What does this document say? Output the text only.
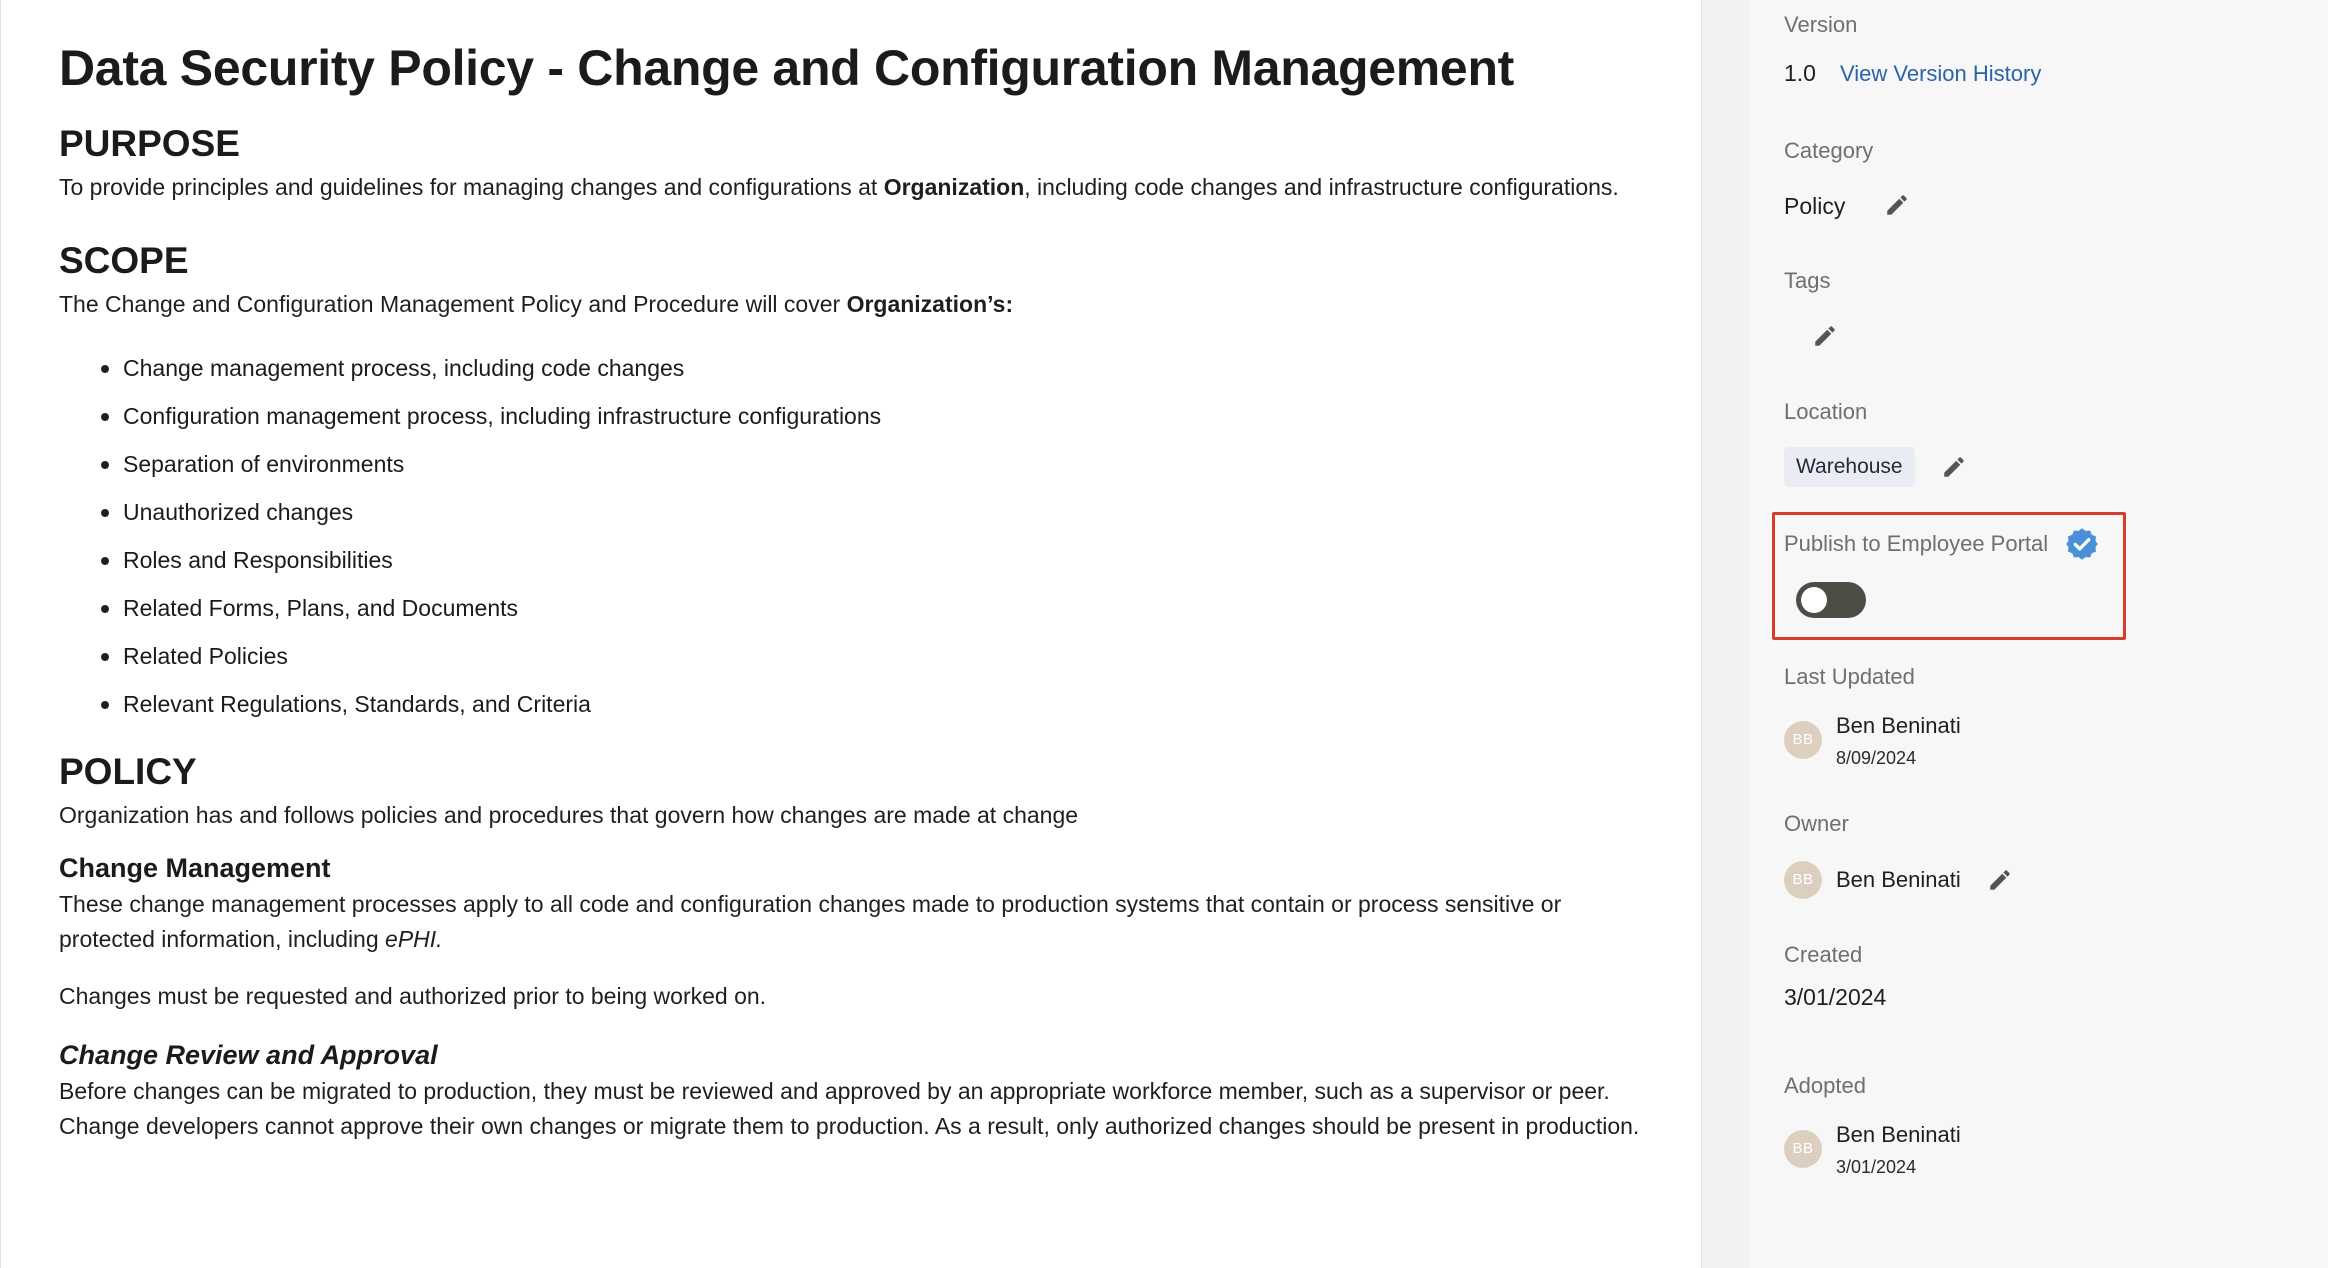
Data Security Policy - Change and Configuration Management
PURPOSE

To provide principles and guidelines for managing changes and configurations at Organization, including code changes and infrastructure configurations.

SCOPE

The Change and Configuration Management Policy and Procedure will cover Organization’s:

Change management process, including code changes
Configuration management process, including infrastructure configurations
Separation of environments
Unauthorized changes
Roles and Responsibilities
Related Forms, Plans, and Documents
Related Policies
Relevant Regulations, Standards, and Criteria
POLICY

Organization has and follows policies and procedures that govern how changes are made at change

Change Management

These change management processes apply to all code and configuration changes made to production systems that contain or process sensitive or protected information, including ePHI.

Changes must be requested and authorized prior to being worked on.

Change Review and Approval

Before changes can be migrated to production, they must be reviewed and approved by an appropriate workforce member, such as a supervisor or peer. Change developers cannot approve their own changes or migrate them to production. As a result, only authorized changes should be present in production.

Version
1.0 View Version History
Category
Policy
Tags
Location
Warehouse
Publish to Employee Portal
Last Updated
BB
Ben Beninati
8/09/2024
Owner
BB	Ben Beninati
Created
3/01/2024
Adopted
BB
Ben Beninati
3/01/2024
